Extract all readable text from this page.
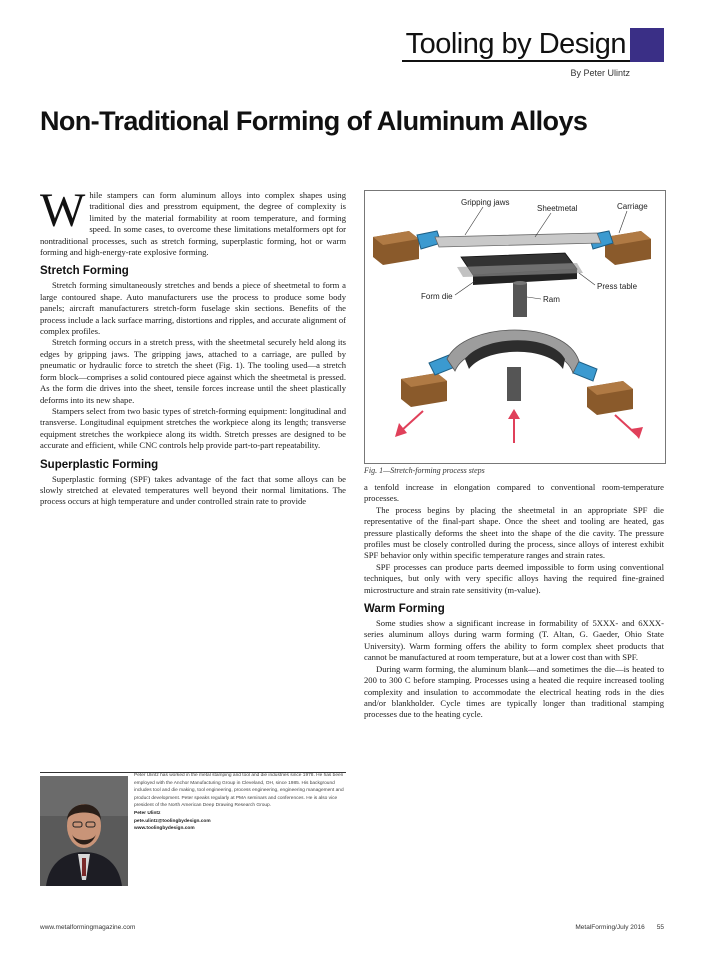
Tooling by Design
By Peter Ulintz
Non-Traditional Forming of Aluminum Alloys

While stampers can form aluminum alloys into complex shapes using traditional dies and presstrom equipment, the degree of complexity is limited by the material formability at room temperature, and forming speed. In some cases, to overcome these limitations metalformers opt for nontraditional processes, such as stretch forming, superplastic forming, hot or warm forming and high-energy-rate explosive forming.

Stretch Forming

Stretch forming simultaneously stretches and bends a piece of sheetmetal to form a large contoured shape. Auto manufacturers use the process to produce some body panels; aircraft manufacturers stretch-form fuselage skin sections. Benefits of the process include a lack surface marring, distortions and ripples, and accurate alignment of complex profiles.

Stretch forming occurs in a stretch press, with the sheetmetal securely held along its edges by gripping jaws. The gripping jaws, attached to a carriage, are pulled by pneumatic or hydraulic force to stretch the sheet (Fig. 1). The tooling used—a stretch form block—comprises a solid contoured piece against which the sheetmetal is pressed. As the form die drives into the sheet, tensile forces increase until the sheet plastically deforms into its new shape.

Stampers select from two basic types of stretch-forming equipment: longitudinal and transverse. Longitudinal equipment stretches the workpiece along its length; transverse equipment stretches the workpiece along its width. Stretch presses are designed to be accurate and efficient, while CNC controls help provide part-to-part repeatability.

Superplastic Forming

Superplastic forming (SPF) takes advantage of the fact that some alloys can be slowly stretched at elevated temperatures well beyond their normal limitations. The process occurs at high temperature and under controlled strain rate to provide

Gripping jaws
Sheetmetal	Carriage
Press table
Form die	Ram
Fig. 1—Stretch-forming process steps

a tenfold increase in elongation compared to conventional room-temperature processes.

The process begins by placing the sheetmetal in an appropriate SPF die representative of the final-part shape. Once the sheet and tooling are heated, gas pressure plastically deforms the sheet into the shape of the die cavity. The pressure profiles must be closely controlled during the process, since alloys of interest exhibit SPF behavior only within specific temperature ranges and strain rates.

SPF processes can produce parts deemed impossible to form using conventional techniques, but only with very specific alloys having the required fine-grained microstructure and strain rate sensitivity (m-value).

Warm Forming

Some studies show a significant increase in formability of 5XXX- and 6XXX-series aluminum alloys during warm forming (T. Altan, G. Gaeder, Ohio State University). Warm forming offers the ability to form complex sheet products that cannot be manufactured at room temperature, but at a lower cost than with SPF.

During warm forming, the aluminum blank—and sometimes the die—is heated to 200 to 300 C before stamping. Processes using a heated die require increased tooling complexity and insulation to accommodate the electrical heating rods in the dies and/or blankholder. Cycle times are typically longer than traditional stamping processes due to the heating cycle.

Peter Ulintz has worked in the metal stamping and tool and die industries since 1978. He has been employed with the Anchor Manufacturing Group in Cleveland, OH, since 1985. His background includes tool and die making, tool engineering, process engineering, engineering management and product development. Peter speaks regularly at PMA seminars and conferences. He is also vice president of the North American Deep Drawing Research Group.
Peter Ulintz
pete.ulintz@toolingbydesign.com
www.toolingbydesign.com
www.metalformingmagazine.com	MetalForming/July 2016 55
